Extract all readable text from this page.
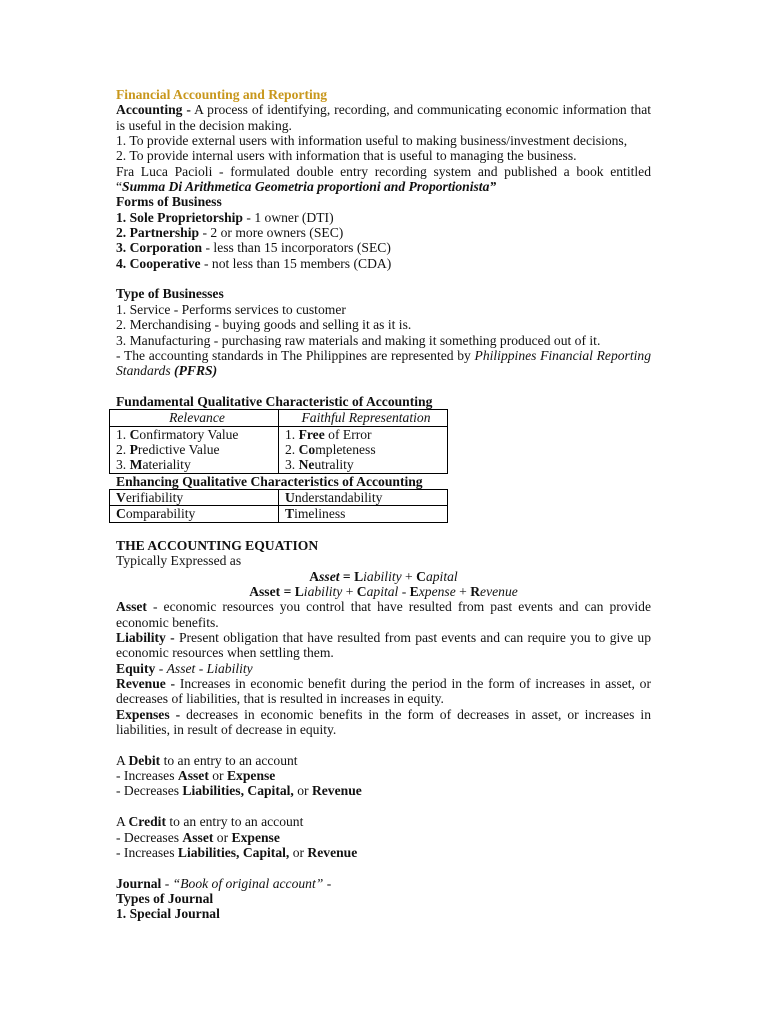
Financial Accounting and Reporting
Accounting - A process of identifying, recording, and communicating economic information that is useful in the decision making.
1. To provide external users with information useful to making business/investment decisions,
2. To provide internal users with information that is useful to managing the business.
Fra Luca Pacioli - formulated double entry recording system and published a book entitled “Summa Di Arithmetica Geometria proportioni and Proportionista”
Forms of Business
1. Sole Proprietorship - 1 owner (DTI)
2. Partnership - 2 or more owners (SEC)
3. Corporation - less than 15 incorporators (SEC)
4. Cooperative - not less than 15 members (CDA)
Type of Businesses
1. Service - Performs services to customer
2. Merchandising - buying goods and selling it as it is.
3. Manufacturing - purchasing raw materials and making it something produced out of it.
- The accounting standards in The Philippines are represented by Philippines Financial Reporting Standards (PFRS)
Fundamental Qualitative Characteristic of Accounting
Relevance	Faithful Representation
1. Confirmatory Value	1. Free of Error
2. Predictive Value	2. Completeness
3. Materiality	3. Neutrality
Enhancing Qualitative Characteristics of Accounting
Verifiability	Understandability
Comparability	Timeliness
THE ACCOUNTING EQUATION
Typically Expressed as
Asset = Liability + Capital
Asset = Liability + Capital - Expense + Revenue
Asset - economic resources you control that have resulted from past events and can provide economic benefits.
Liability - Present obligation that have resulted from past events and can require you to give up economic resources when settling them.
Equity - Asset - Liability
Revenue - Increases in economic benefit during the period in the form of increases in asset, or decreases of liabilities, that is resulted in increases in equity.
Expenses - decreases in economic benefits in the form of decreases in asset, or increases in liabilities, in result of decrease in equity.
A Debit to an entry to an account
- Increases Asset or Expense
- Decreases Liabilities, Capital, or Revenue
A Credit to an entry to an account
- Decreases Asset or Expense
- Increases Liabilities, Capital, or Revenue
Journal - “Book of original account” -
Types of Journal
1. Special Journal
